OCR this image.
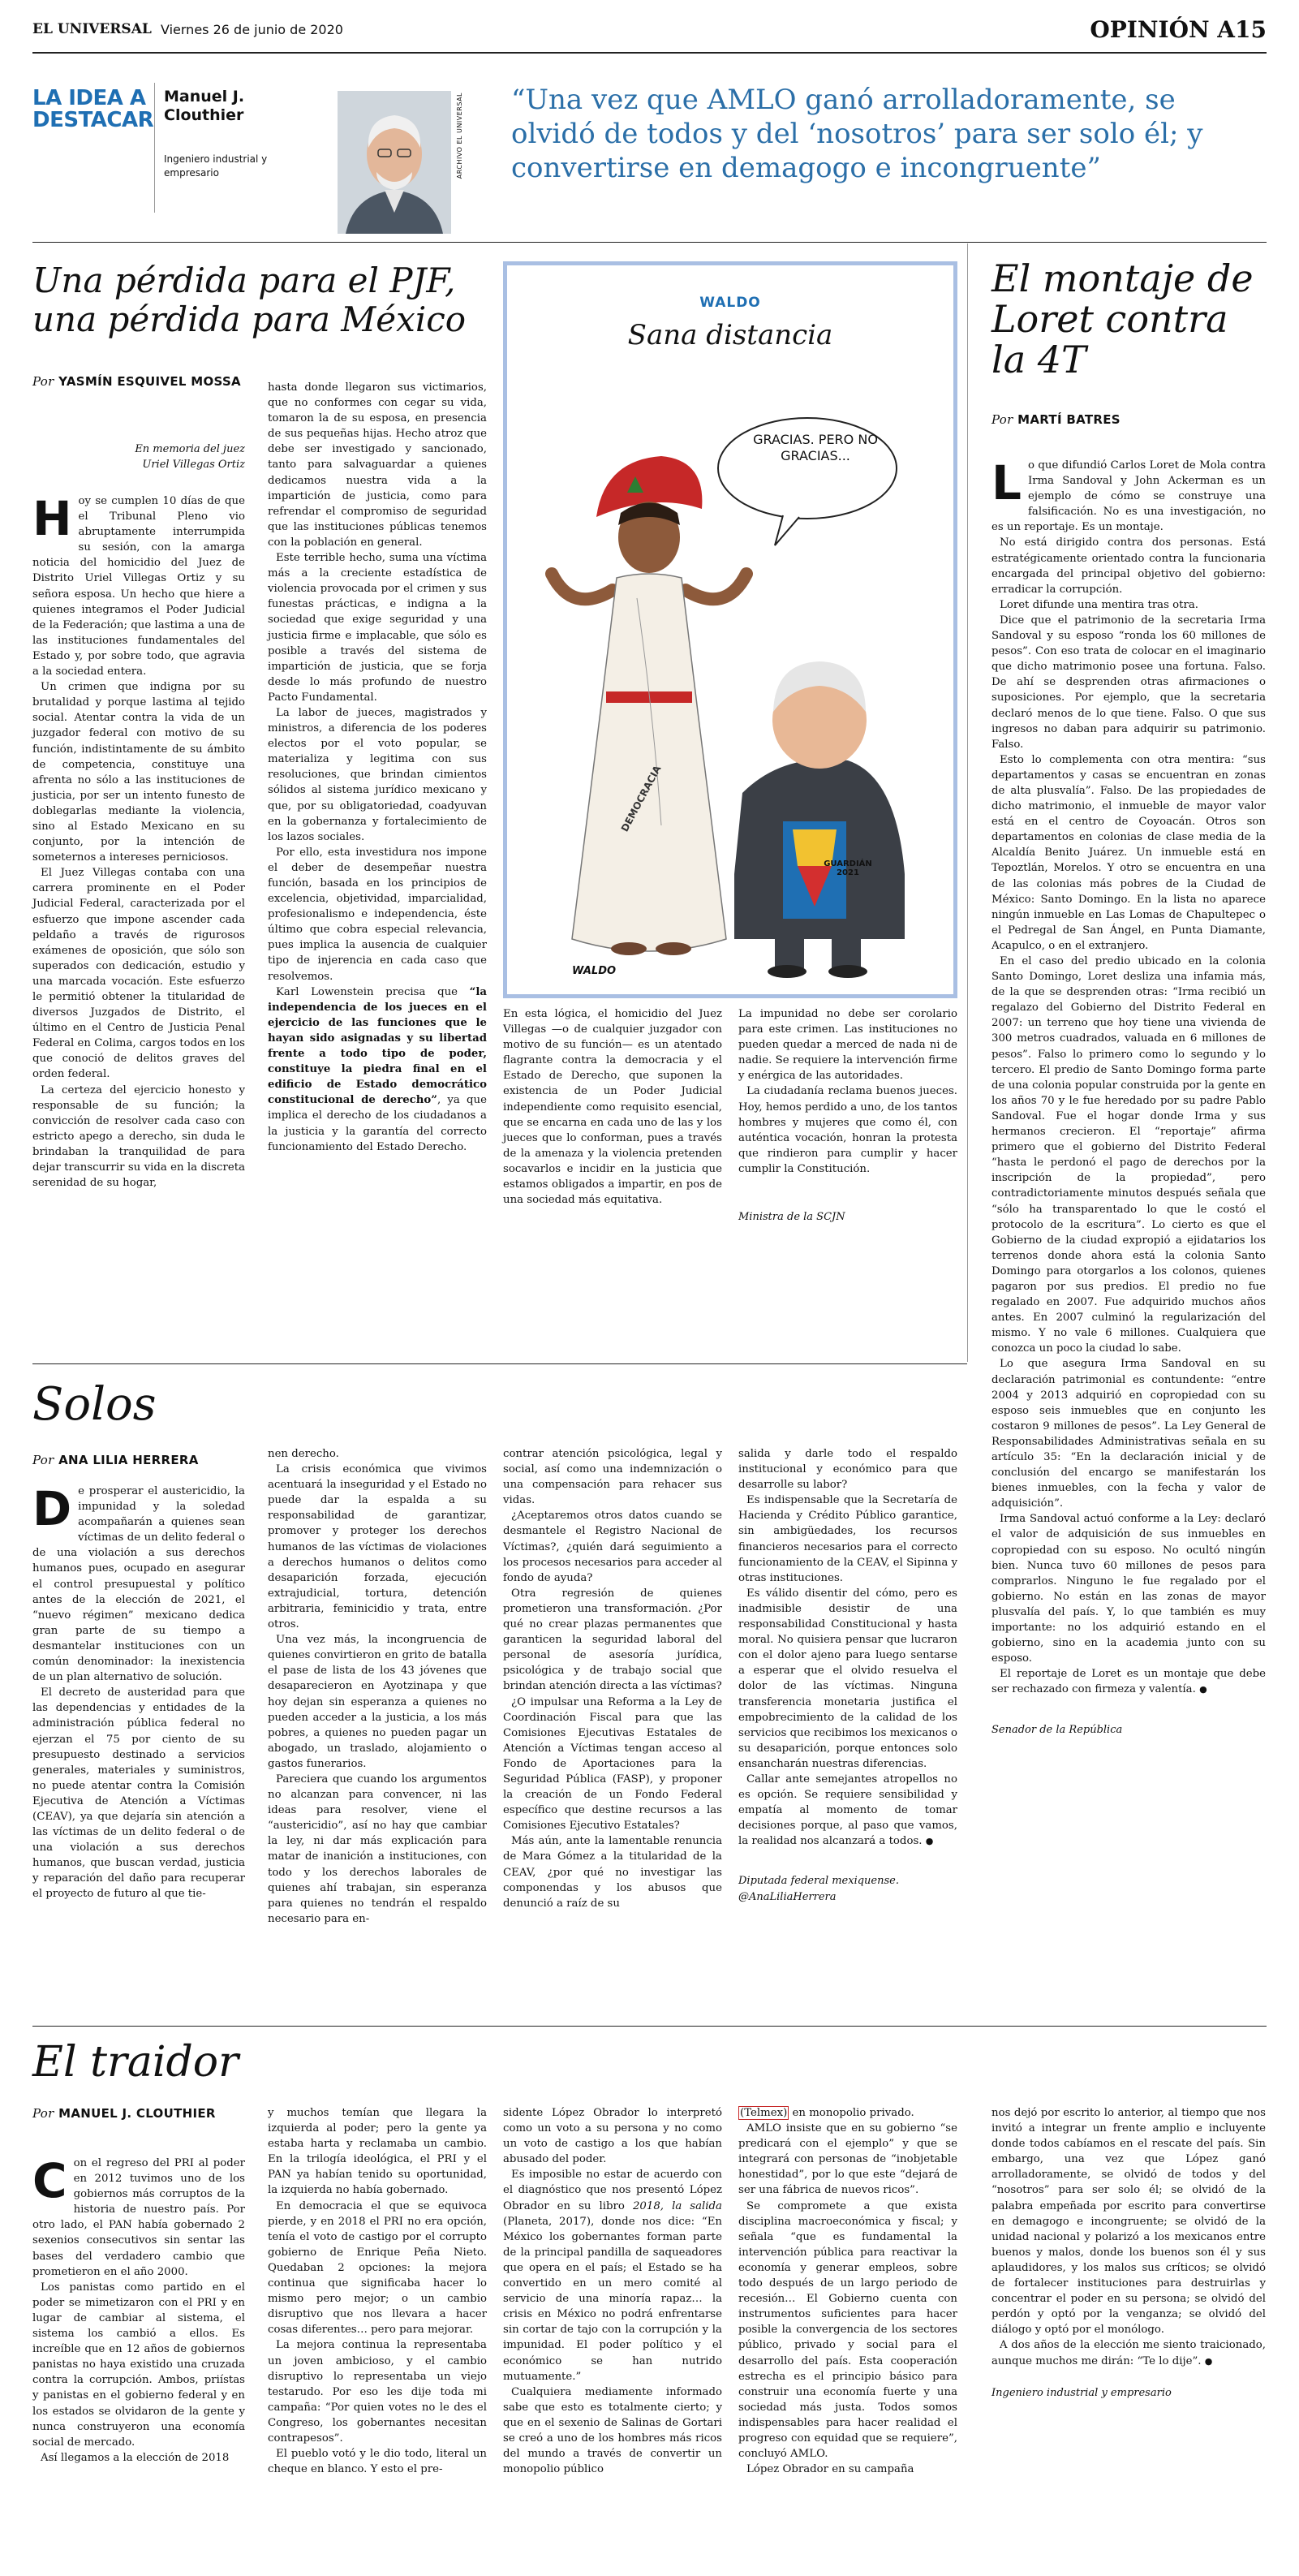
EL UNIVERSAL Viernes 26 de junio de 2020	OPINIÓN A15
LA IDEA A
DESTACAR
Manuel J. Clouthier
Ingeniero industrial y empresario	ARCHIVO EL UNIVERSAL “Una vez que AMLO ganó arrolladoramente, se olvidó de todos y del ‘nosotros’ para ser solo él; y convertirse en demagogo e incongruente”
Una pérdida para el PJF, una pérdida para México
Por YASMÍN ESQUIVEL MOSSA
En memoria del juez
Uriel Villegas Ortiz

Hoy se cumplen 10 días de que el Tribunal Pleno vio abruptamente interrumpida su sesión, con la amarga noticia del homicidio del Juez de Distrito Uriel Villegas Ortiz y su señora esposa. Un hecho que hiere a quienes integramos el Poder Judicial de la Federación; que lastima a una de las instituciones fundamentales del Estado y, por sobre todo, que agravia a la sociedad entera.

Un crimen que indigna por su brutalidad y porque lastima al tejido social. Atentar contra la vida de un juzgador federal con motivo de su función, indistintamente de su ámbito de competencia, constituye una afrenta no sólo a las instituciones de justicia, por ser un intento funesto de doblegarlas mediante la violencia, sino al Estado Mexicano en su conjunto, por la intención de someternos a intereses perniciosos.

El Juez Villegas contaba con una carrera prominente en el Poder Judicial Federal, caracterizada por el esfuerzo que impone ascender cada peldaño a través de rigurosos exámenes de oposición, que sólo son superados con dedicación, estudio y una marcada vocación. Este esfuerzo le permitió obtener la titularidad de diversos Juzgados de Distrito, el último en el Centro de Justicia Penal Federal en Colima, cargos todos en los que conoció de delitos graves del orden federal.

La certeza del ejercicio honesto y responsable de su función; la convicción de resolver cada caso con estricto apego a derecho, sin duda le brindaban la tranquilidad de para dejar transcurrir su vida en la discreta serenidad de su hogar,

hasta donde llegaron sus victimarios, que no conformes con cegar su vida, tomaron la de su esposa, en presencia de sus pequeñas hijas. Hecho atroz que debe ser investigado y sancionado, tanto para salvaguardar a quienes dedicamos nuestra vida a la impartición de justicia, como para refrendar el compromiso de seguridad que las instituciones públicas tenemos con la población en general.

Este terrible hecho, suma una víctima más a la creciente estadística de violencia provocada por el crimen y sus funestas prácticas, e indigna a la sociedad que exige seguridad y una justicia firme e implacable, que sólo es posible a través del sistema de impartición de justicia, que se forja desde lo más profundo de nuestro Pacto Fundamental.

La labor de jueces, magistrados y ministros, a diferencia de los poderes electos por el voto popular, se materializa y legitima con sus resoluciones, que brindan cimientos sólidos al sistema jurídico mexicano y que, por su obligatoriedad, coadyuvan en la gobernanza y fortalecimiento de los lazos sociales.

Por ello, esta investidura nos impone el deber de desempeñar nuestra función, basada en los principios de excelencia, objetividad, imparcialidad, profesionalismo e independencia, éste último que cobra especial relevancia, pues implica la ausencia de cualquier tipo de injerencia en cada caso que resolvemos.

Karl Lowenstein precisa que “la independencia de los jueces en el ejercicio de las funciones que le hayan sido asignadas y su libertad frente a todo tipo de poder, constituye la piedra final en el edificio de Estado democrático constitucional de derecho”, ya que implica el derecho de los ciudadanos a la justicia y la garantía del correcto funcionamiento del Estado Derecho.

WALDO
Sana distancia
GRACIAS. PERO NO GRACIAS...
DEMOCRACIA
GUARDIÁN 2021
WALDO

En esta lógica, el homicidio del Juez Villegas —o de cualquier juzgador con motivo de su función— es un atentado flagrante contra la democracia y el Estado de Derecho, que suponen la existencia de un Poder Judicial independiente como requisito esencial, que se encarna en cada uno de las y los jueces que lo conforman, pues a través de la amenaza y la violencia pretenden socavarlos e incidir en la justicia que estamos obligados a impartir, en pos de una sociedad más equitativa.

La impunidad no debe ser corolario para este crimen. Las instituciones no pueden quedar a merced de nada ni de nadie. Se requiere la intervención firme y enérgica de las autoridades.

La ciudadanía reclama buenos jueces. Hoy, hemos perdido a uno, de los tantos hombres y mujeres que como él, con auténtica vocación, honran la protesta que rindieron para cumplir y hacer cumplir la Constitución.

Ministra de la SCJN
El montaje de Loret contra la 4T
Por MARTÍ BATRES

Lo que difundió Carlos Loret de Mola contra Irma Sandoval y John Ackerman es un ejemplo de cómo se construye una falsificación. No es una investigación, no es un reportaje. Es un montaje.

No está dirigido contra dos personas. Está estratégicamente orientado contra la funcionaria encargada del principal objetivo del gobierno: erradicar la corrupción.

Loret difunde una mentira tras otra.

Dice que el patrimonio de la secretaria Irma Sandoval y su esposo “ronda los 60 millones de pesos”. Con eso trata de colocar en el imaginario que dicho matrimonio posee una fortuna. Falso. De ahí se desprenden otras afirmaciones o suposiciones. Por ejemplo, que la secretaria declaró menos de lo que tiene. Falso. O que sus ingresos no daban para adquirir su patrimonio. Falso.

Esto lo complementa con otra mentira: “sus departamentos y casas se encuentran en zonas de alta plusvalía”. Falso. De las propiedades de dicho matrimonio, el inmueble de mayor valor está en el centro de Coyoacán. Otros son departamentos en colonias de clase media de la Alcaldía Benito Juárez. Un inmueble está en Tepoztlán, Morelos. Y otro se encuentra en una de las colonias más pobres de la Ciudad de México: Santo Domingo. En la lista no aparece ningún inmueble en Las Lomas de Chapultepec o el Pedregal de San Ángel, en Punta Diamante, Acapulco, o en el extranjero.

En el caso del predio ubicado en la colonia Santo Domingo, Loret desliza una infamia más, de la que se desprenden otras: “Irma recibió un regalazo del Gobierno del Distrito Federal en 2007: un terreno que hoy tiene una vivienda de 300 metros cuadrados, valuada en 6 millones de pesos”. Falso lo primero como lo segundo y lo tercero. El predio de Santo Domingo forma parte de una colonia popular construida por la gente en los años 70 y le fue heredado por su padre Pablo Sandoval. Fue el hogar donde Irma y sus hermanos crecieron. El “reportaje” afirma primero que el gobierno del Distrito Federal “hasta le perdonó el pago de derechos por la inscripción de la propiedad”, pero contradictoriamente minutos después señala que “sólo ha transparentado lo que le costó el protocolo de la escritura”. Lo cierto es que el Gobierno de la ciudad expropió a ejidatarios los terrenos donde ahora está la colonia Santo Domingo para otorgarlos a los colonos, quienes pagaron por sus predios. El predio no fue regalado en 2007. Fue adquirido muchos años antes. En 2007 culminó la regularización del mismo. Y no vale 6 millones. Cualquiera que conozca un poco la ciudad lo sabe.

Lo que asegura Irma Sandoval en su declaración patrimonial es contundente: “entre 2004 y 2013 adquirió en copropiedad con su esposo seis inmuebles que en conjunto les costaron 9 millones de pesos”. La Ley General de Responsabilidades Administrativas señala en su artículo 35: “En la declaración inicial y de conclusión del encargo se manifestarán los bienes inmuebles, con la fecha y valor de adquisición”.

Irma Sandoval actuó conforme a la Ley: declaró el valor de adquisición de sus inmuebles en copropiedad con su esposo. No ocultó ningún bien. Nunca tuvo 60 millones de pesos para comprarlos. Ninguno le fue regalado por el gobierno. No están en las zonas de mayor plusvalía del país. Y, lo que también es muy importante: no los adquirió estando en el gobierno, sino en la academia junto con su esposo.

El reportaje de Loret es un montaje que debe ser rechazado con firmeza y valentía. ●

Senador de la República
Solos
Por ANA LILIA HERRERA

De prosperar el austericidio, la impunidad y la soledad acompañarán a quienes sean víctimas de un delito federal o de una violación a sus derechos humanos pues, ocupado en asegurar el control presupuestal y político antes de la elección de 2021, el “nuevo régimen” mexicano dedica gran parte de su tiempo a desmantelar instituciones con un común denominador: la inexistencia de un plan alternativo de solución.

El decreto de austeridad para que las dependencias y entidades de la administración pública federal no ejerzan el 75 por ciento de su presupuesto destinado a servicios generales, materiales y suministros, no puede atentar contra la Comisión Ejecutiva de Atención a Víctimas (CEAV), ya que dejaría sin atención a las víctimas de un delito federal o de una violación a sus derechos humanos, que buscan verdad, justicia y reparación del daño para recuperar el proyecto de futuro al que tie-

nen derecho.

La crisis económica que vivimos acentuará la inseguridad y el Estado no puede dar la espalda a su responsabilidad de garantizar, promover y proteger los derechos humanos de las víctimas de violaciones a derechos humanos o delitos como desaparición forzada, ejecución extrajudicial, tortura, detención arbitraria, feminicidio y trata, entre otros.

Una vez más, la incongruencia de quienes convirtieron en grito de batalla el pase de lista de los 43 jóvenes que desaparecieron en Ayotzinapa y que hoy dejan sin esperanza a quienes no pueden acceder a la justicia, a los más pobres, a quienes no pueden pagar un abogado, un traslado, alojamiento o gastos funerarios.

Pareciera que cuando los argumentos no alcanzan para convencer, ni las ideas para resolver, viene el “austericidio”, así no hay que cambiar la ley, ni dar más explicación para matar de inanición a instituciones, con todo y los derechos laborales de quienes ahí trabajan, sin esperanza para quienes no tendrán el respaldo necesario para en-

contrar atención psicológica, legal y social, así como una indemnización o una compensación para rehacer sus vidas.

¿Aceptaremos otros datos cuando se desmantele el Registro Nacional de Víctimas?, ¿quién dará seguimiento a los procesos necesarios para acceder al fondo de ayuda?

Otra regresión de quienes prometieron una transformación. ¿Por qué no crear plazas permanentes que garanticen la seguridad laboral del personal de asesoría jurídica, psicológica y de trabajo social que brindan atención directa a las víctimas?

¿O impulsar una Reforma a la Ley de Coordinación Fiscal para que las Comisiones Ejecutivas Estatales de Atención a Víctimas tengan acceso al Fondo de Aportaciones para la Seguridad Pública (FASP), y proponer la creación de un Fondo Federal específico que destine recursos a las Comisiones Ejecutivo Estatales?

Más aún, ante la lamentable renuncia de Mara Gómez a la titularidad de la CEAV, ¿por qué no investigar las componendas y los abusos que denunció a raíz de su

salida y darle todo el respaldo institucional y económico para que desarrolle su labor?

Es indispensable que la Secretaría de Hacienda y Crédito Público garantice, sin ambigüedades, los recursos financieros necesarios para el correcto funcionamiento de la CEAV, el Sipinna y otras instituciones.

Es válido disentir del cómo, pero es inadmisible desistir de una responsabilidad Constitucional y hasta moral. No quisiera pensar que lucraron con el dolor ajeno para luego sentarse a esperar que el olvido resuelva el dolor de las víctimas. Ninguna transferencia monetaria justifica el empobrecimiento de la calidad de los servicios que recibimos los mexicanos o su desaparición, porque entonces solo ensancharán nuestras diferencias.

Callar ante semejantes atropellos no es opción. Se requiere sensibilidad y empatía al momento de tomar decisiones porque, al paso que vamos, la realidad nos alcanzará a todos. ●

Diputada federal mexiquense.
@AnaLiliaHerrera
El traidor
Por MANUEL J. CLOUTHIER

Con el regreso del PRI al poder en 2012 tuvimos uno de los gobiernos más corruptos de la historia de nuestro país. Por otro lado, el PAN había gobernado 2 sexenios consecutivos sin sentar las bases del verdadero cambio que prometieron en el año 2000.

Los panistas como partido en el poder se mimetizaron con el PRI y en lugar de cambiar al sistema, el sistema los cambió a ellos. Es increíble que en 12 años de gobiernos panistas no haya existido una cruzada contra la corrupción. Ambos, priístas y panistas en el gobierno federal y en los estados se olvidaron de la gente y nunca construyeron una economía social de mercado.

Así llegamos a la elección de 2018

y muchos temían que llegara la izquierda al poder; pero la gente ya estaba harta y reclamaba un cambio. En la trilogía ideológica, el PRI y el PAN ya habían tenido su oportunidad, la izquierda no había gobernado.

En democracia el que se equivoca pierde, y en 2018 el PRI no era opción, tenía el voto de castigo por el corrupto gobierno de Enrique Peña Nieto. Quedaban 2 opciones: la mejora continua que significaba hacer lo mismo pero mejor; o un cambio disruptivo que nos llevara a hacer cosas diferentes… pero para mejorar.

La mejora continua la representaba un joven ambicioso, y el cambio disruptivo lo representaba un viejo testarudo. Por eso les dije toda mi campaña: “Por quien votes no le des el Congreso, los gobernantes necesitan contrapesos”.

El pueblo votó y le dio todo, literal un cheque en blanco. Y esto el pre-

sidente López Obrador lo interpretó como un voto a su persona y no como un voto de castigo a los que habían abusado del poder.

Es imposible no estar de acuerdo con el diagnóstico que nos presentó López Obrador en su libro 2018, la salida (Planeta, 2017), donde nos dice: “En México los gobernantes forman parte de la principal pandilla de saqueadores que opera en el país; el Estado se ha convertido en un mero comité al servicio de una minoría rapaz… la crisis en México no podrá enfrentarse sin cortar de tajo con la corrupción y la impunidad. El poder político y el económico se han nutrido mutuamente.”

Cualquiera mediamente informado sabe que esto es totalmente cierto; y que en el sexenio de Salinas de Gortari se creó a uno de los hombres más ricos del mundo a través de convertir un monopolio público

(Telmex) en monopolio privado.

AMLO insiste que en su gobierno “se predicará con el ejemplo” y que se integrará con personas de “inobjetable honestidad”, por lo que este “dejará de ser una fábrica de nuevos ricos”.

Se compromete a que exista disciplina macroeconómica y fiscal; y señala “que es fundamental la intervención pública para reactivar la economía y generar empleos, sobre todo después de un largo periodo de recesión… El Gobierno cuenta con instrumentos suficientes para hacer posible la convergencia de los sectores público, privado y social para el desarrollo del país. Esta cooperación estrecha es el principio básico para construir una economía fuerte y una sociedad más justa. Todos somos indispensables para hacer realidad el progreso con equidad que se requiere”, concluyó AMLO.

López Obrador en su campaña

nos dejó por escrito lo anterior, al tiempo que nos invitó a integrar un frente amplio e incluyente donde todos cabíamos en el rescate del país. Sin embargo, una vez que López ganó arrolladoramente, se olvidó de todos y del “nosotros” para ser solo él; se olvidó de la palabra empeñada por escrito para convertirse en demagogo e incongruente; se olvidó de la unidad nacional y polarizó a los mexicanos entre buenos y malos, donde los buenos son él y sus aplaudidores, y los malos sus críticos; se olvidó de fortalecer instituciones para destruirlas y concentrar el poder en su persona; se olvidó del perdón y optó por la venganza; se olvidó del diálogo y optó por el monólogo.

A dos años de la elección me siento traicionado, aunque muchos me dirán: “Te lo dije”. ●

Ingeniero industrial y empresario
